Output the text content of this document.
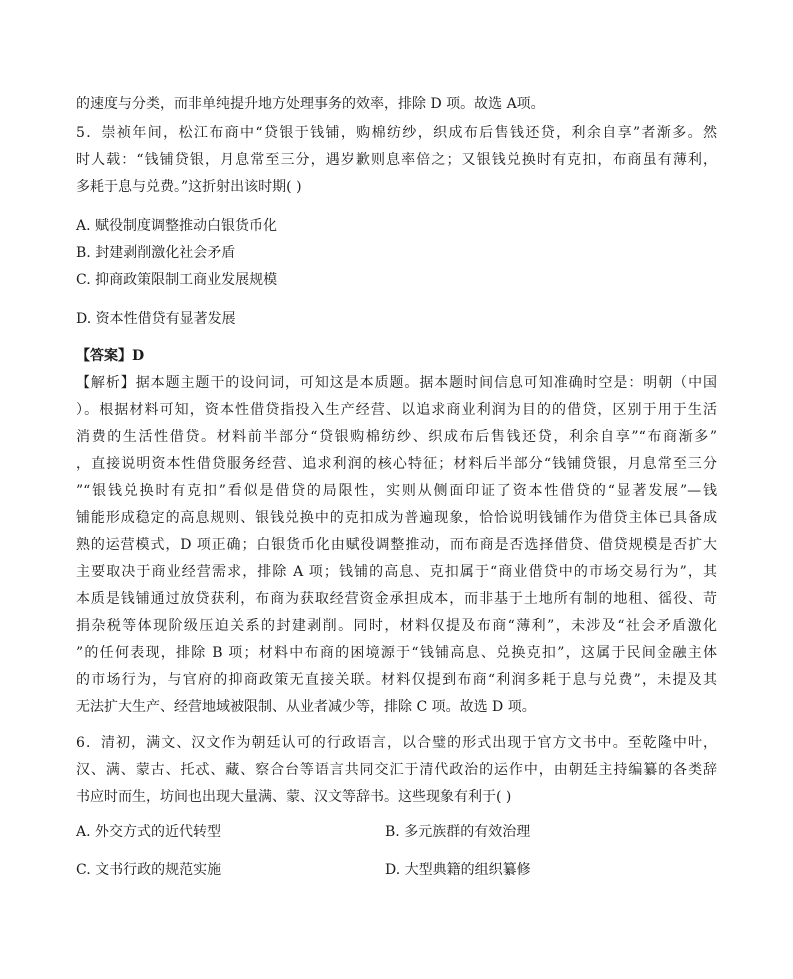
的速度与分类，而非单纯提升地方处理事务的效率，排除 D 项。故选 A项。
5．崇祯年间，松江布商中“贷银于钱铺，购棉纺纱，织成布后售钱还贷，利余自享”者渐多。然
时人载：“钱铺贷银，月息常至三分，遇岁歉则息率倍之；又银钱兑换时有克扣，布商虽有薄利，
多耗于息与兑费。”这折射出该时期( )
A. 赋役制度调整推动白银货币化
B. 封建剥削激化社会矛盾
C. 抑商政策限制工商业发展规模
D. 资本性借贷有显著发展
【答案】D
【解析】据本题主题干的设问词，可知这是本质题。据本题时间信息可知准确时空是：明朝（中国
）。根据材料可知，资本性借贷指投入生产经营、以追求商业利润为目的的借贷，区别于用于生活
消费的生活性借贷。材料前半部分“贷银购棉纺纱、织成布后售钱还贷，利余自享”“布商渐多”
，直接说明资本性借贷服务经营、追求利润的核心特征；材料后半部分“钱铺贷银，月息常至三分
”“银钱兑换时有克扣”看似是借贷的局限性，实则从侧面印证了资本性借贷的“显著发展”—钱
铺能形成稳定的高息规则、银钱兑换中的克扣成为普遍现象，恰恰说明钱铺作为借贷主体已具备成
熟的运营模式，D 项正确；白银货币化由赋役调整推动，而布商是否选择借贷、借贷规模是否扩大
主要取决于商业经营需求，排除 A 项；钱铺的高息、克扣属于“商业借贷中的市场交易行为”，其
本质是钱铺通过放贷获利，布商为获取经营资金承担成本，而非基于土地所有制的地租、徭役、苛
捐杂税等体现阶级压迫关系的封建剥削。同时，材料仅提及布商“薄利”，未涉及“社会矛盾激化
”的任何表现，排除 B 项；材料中布商的困境源于“钱铺高息、兑换克扣”，这属于民间金融主体
的市场行为，与官府的抑商政策无直接关联。材料仅提到布商“利润多耗于息与兑费”，未提及其
无法扩大生产、经营地域被限制、从业者减少等，排除 C 项。故选 D 项。
6．清初，满文、汉文作为朝廷认可的行政语言，以合璧的形式出现于官方文书中。至乾隆中叶，
汉、满、蒙古、托忒、藏、察合台等语言共同交汇于清代政治的运作中，由朝廷主持编纂的各类辞
书应时而生，坊间也出现大量满、蒙、汉文等辞书。这些现象有利于( )
A. 外交方式的近代转型	B. 多元族群的有效治理
C. 文书行政的规范实施	D. 大型典籍的组织纂修
